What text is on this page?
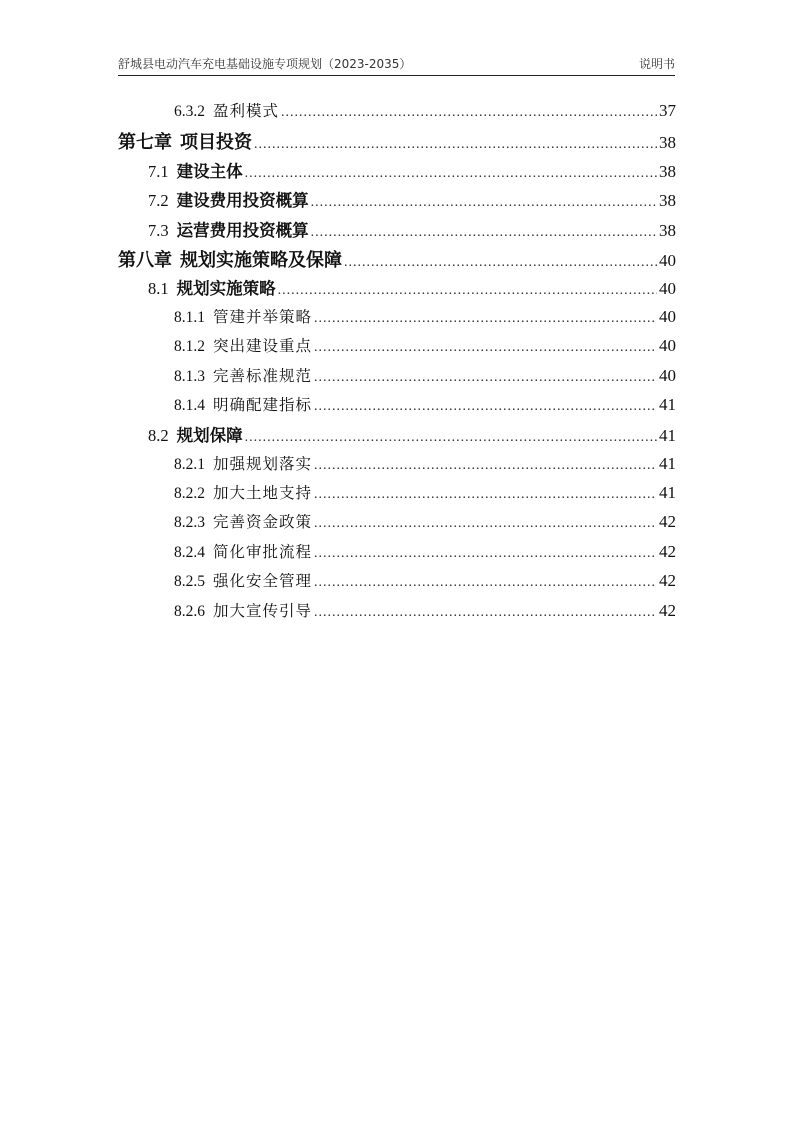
舒城县电动汽车充电基础设施专项规划（2023-2035）	说明书
6.3.2 盈利模式 .....	37
第七章 项目投资 .....	38
7.1 建设主体 .....	38
7.2 建设费用投资概算 .....	38
7.3 运营费用投资概算 .....	38
第八章 规划实施策略及保障 .....	40
8.1 规划实施策略 .....	40
8.1.1 管建并举策略 .....	40
8.1.2 突出建设重点 .....	40
8.1.3 完善标准规范 .....	40
8.1.4 明确配建指标 .....	41
8.2 规划保障 .....	41
8.2.1 加强规划落实 .....	41
8.2.2 加大土地支持 .....	41
8.2.3 完善资金政策 .....	42
8.2.4 简化审批流程 .....	42
8.2.5 强化安全管理 .....	42
8.2.6 加大宣传引导 .....	42
